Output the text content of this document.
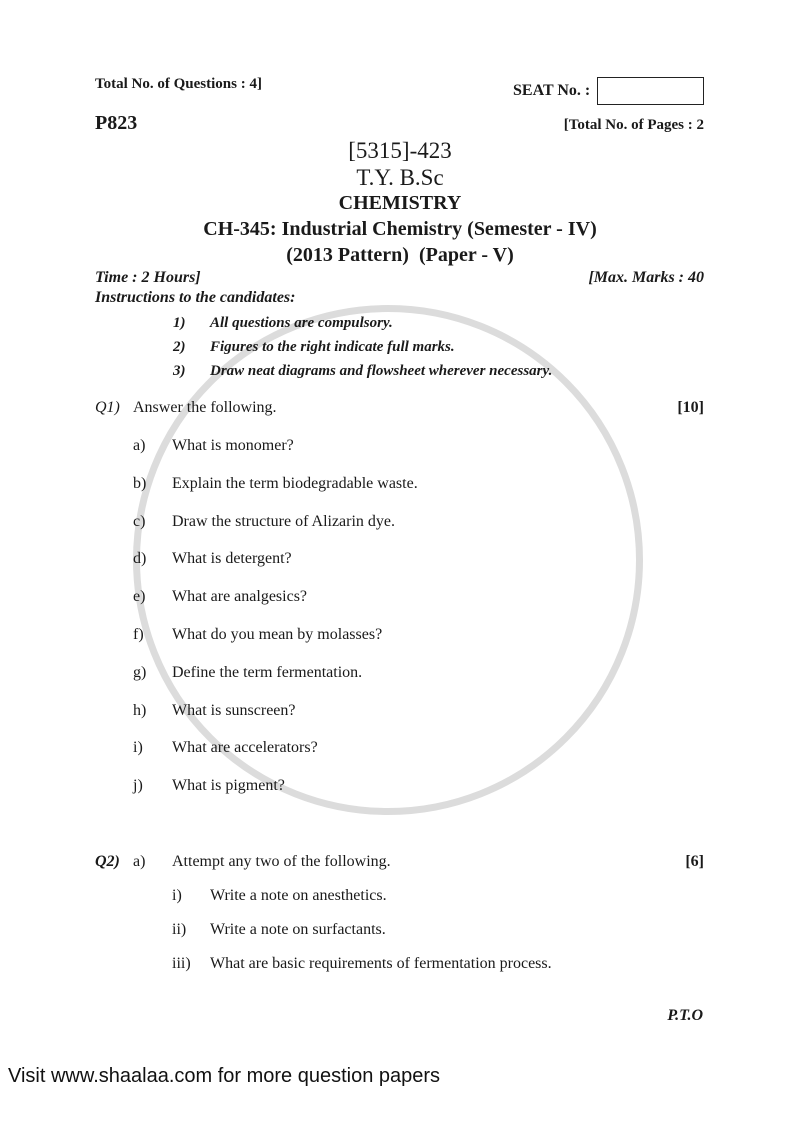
Total No. of Questions : 4]	SEAT No. :
P823	[Total No. of Pages : 2
[5315]-423
T.Y. B.Sc
CHEMISTRY
CH-345: Industrial Chemistry (Semester - IV)
(2013 Pattern)  (Paper - V)
Time : 2 Hours]	[Max. Marks : 40
Instructions to the candidates:
1) All questions are compulsory.
2) Figures to the right indicate full marks.
3) Draw neat diagrams and flowsheet wherever necessary.
Q1) Answer the following.	[10]
a) What is monomer?
b) Explain the term biodegradable waste.
c) Draw the structure of Alizarin dye.
d) What is detergent?
e) What are analgesics?
f) What do you mean by molasses?
g) Define the term fermentation.
h) What is sunscreen?
i) What are accelerators?
j) What is pigment?
Q2) a) Attempt any two of the following.	[6]
i) Write a note on anesthetics.
ii) Write a note on surfactants.
iii) What are basic requirements of fermentation process.
P.T.O
Visit www.shaalaa.com for more question papers
